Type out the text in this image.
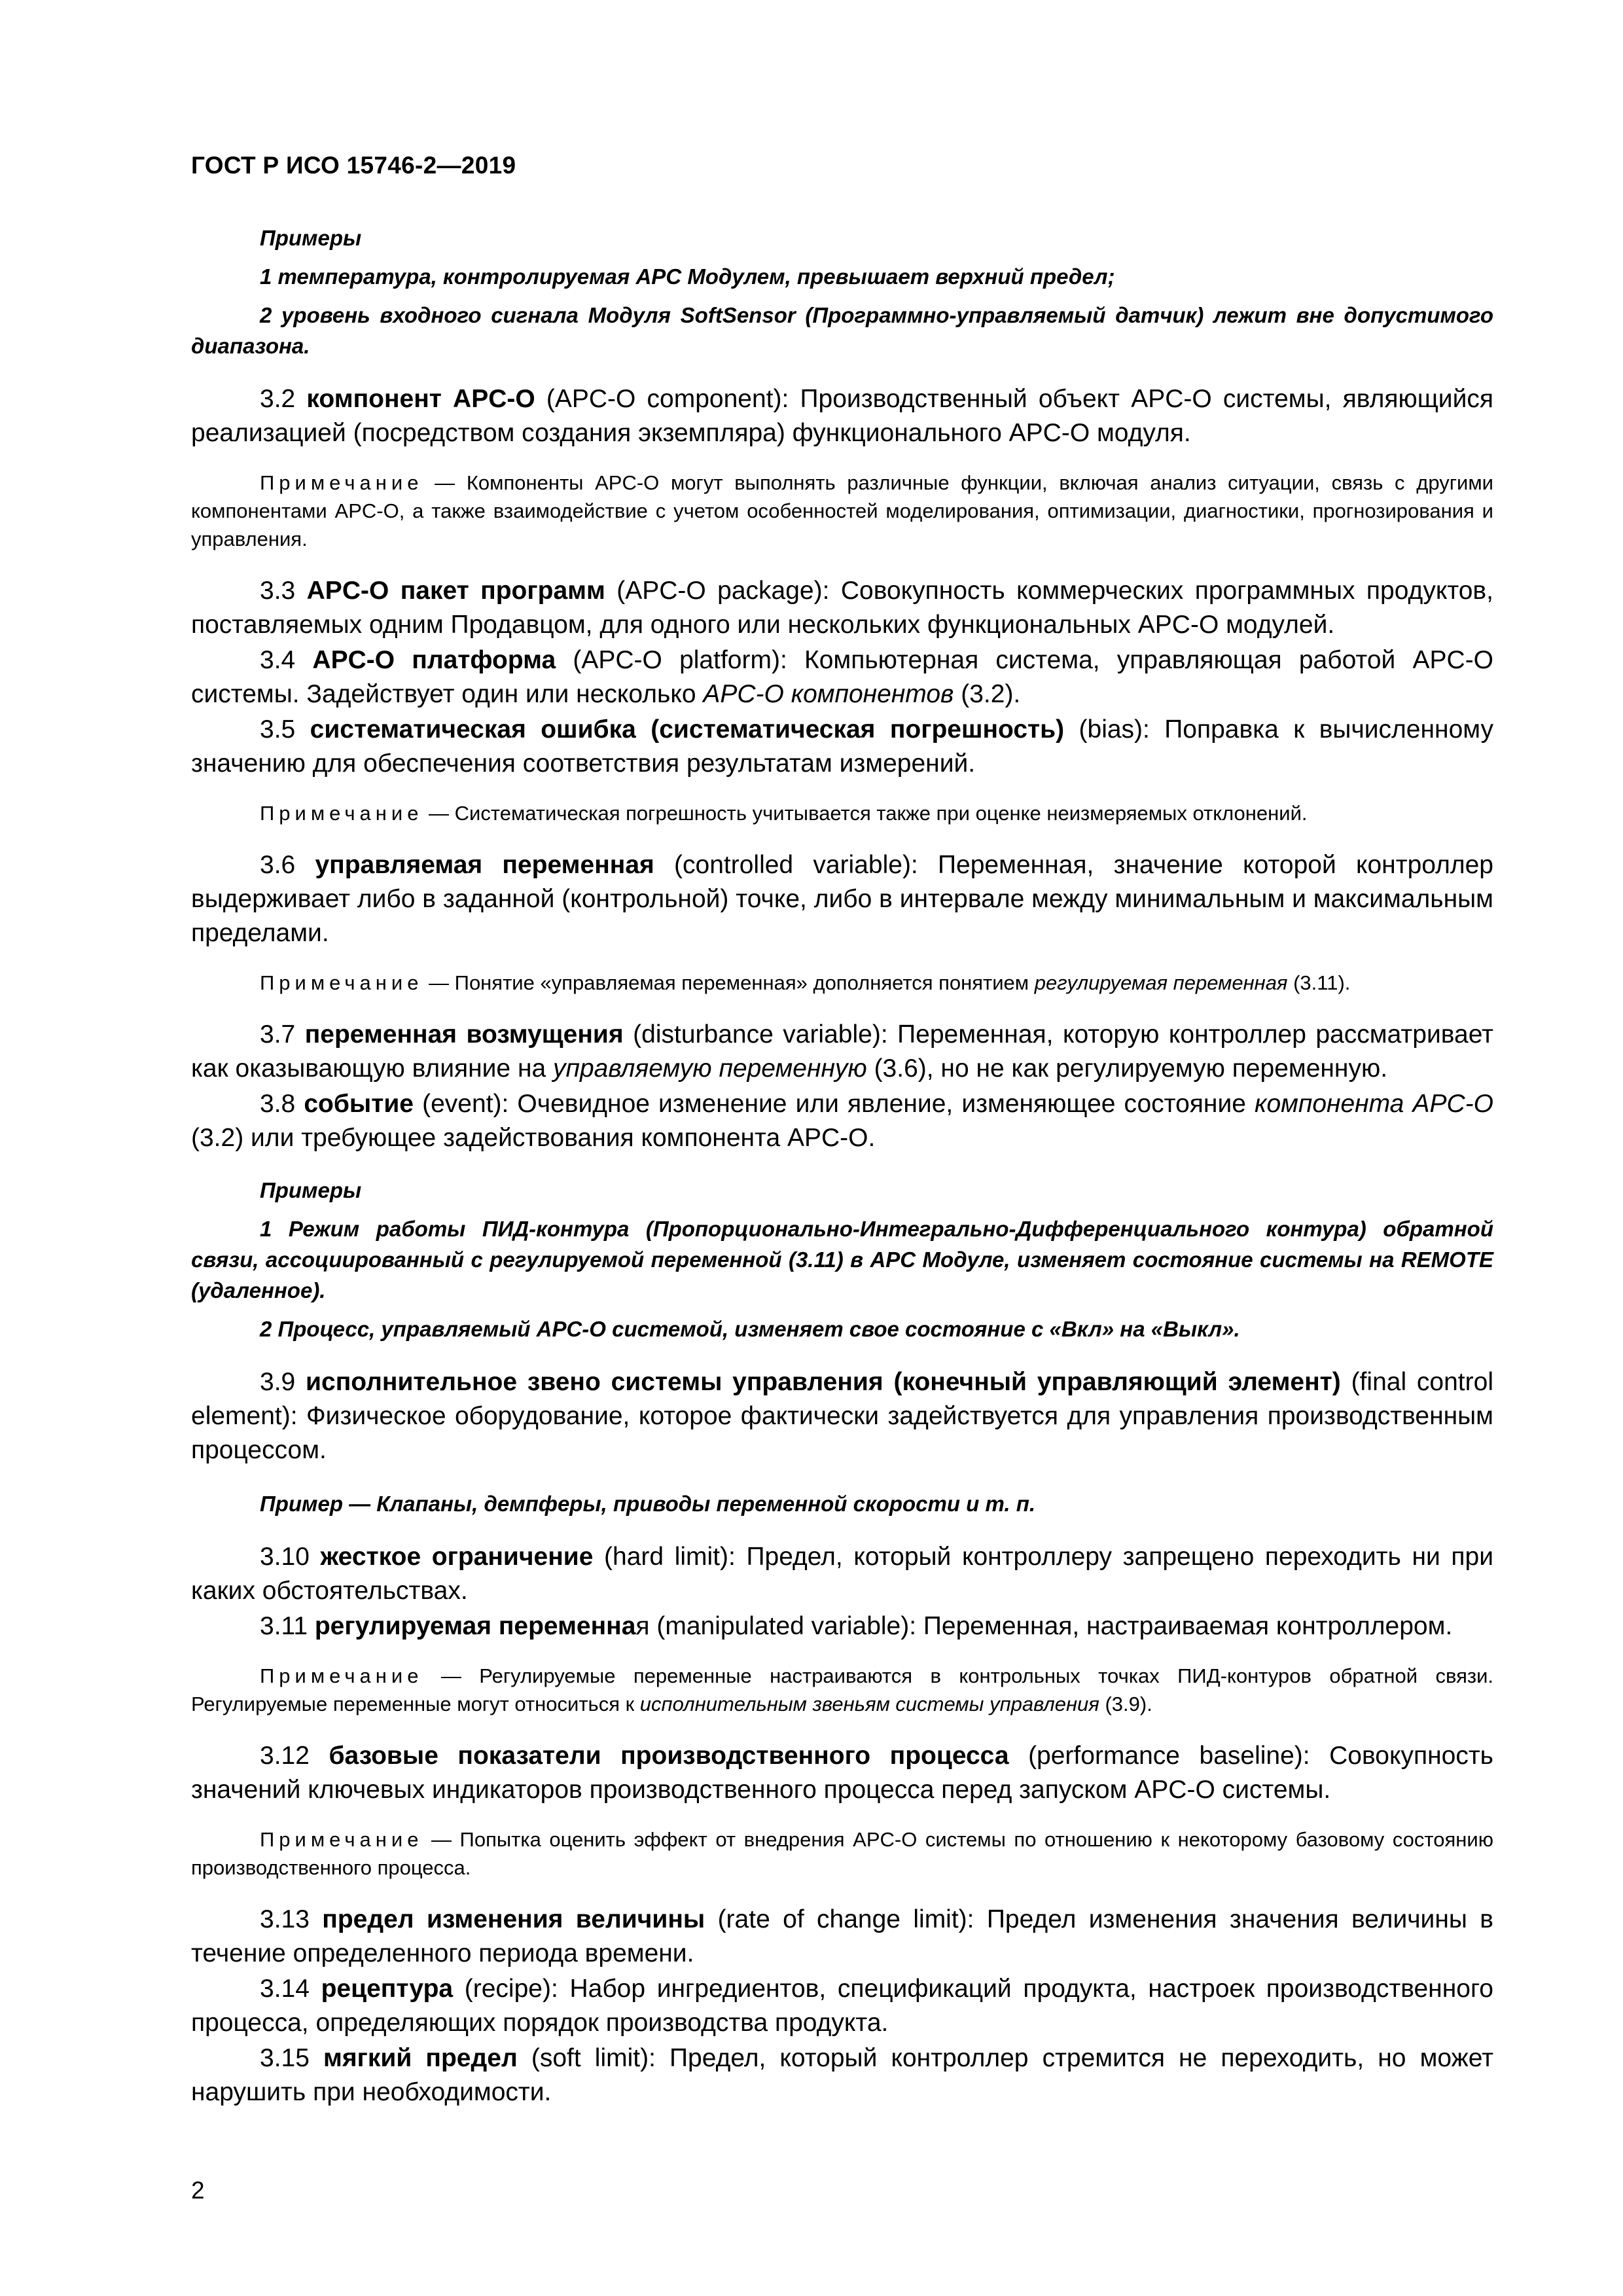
ГОСТ Р ИСО 15746-2—2019

Примеры

1 температура, контролируемая APC Модулем, превышает верхний предел;

2 уровень входного сигнала Модуля SoftSensor (Программно-управляемый датчик) лежит вне допустимого диапазона.

3.2 компонент APC-O (APC-O component): Производственный объект APC-O системы, являющийся реализацией (посредством создания экземпляра) функционального APC-O модуля.

Примечание — Компоненты APC-O могут выполнять различные функции, включая анализ ситуации, связь с другими компонентами APC-O, а также взаимодействие с учетом особенностей моделирования, оптимизации, диагностики, прогнозирования и управления.

3.3 APC-O пакет программ (APC-O package): Совокупность коммерческих программных продуктов, поставляемых одним Продавцом, для одного или нескольких функциональных APC-O модулей.

3.4 APC-O платформа (APC-O platform): Компьютерная система, управляющая работой APC-O системы. Задействует один или несколько APC-O компонентов (3.2).

3.5 систематическая ошибка (систематическая погрешность) (bias): Поправка к вычисленному значению для обеспечения соответствия результатам измерений.

Примечание — Систематическая погрешность учитывается также при оценке неизмеряемых отклонений.

3.6 управляемая переменная (controlled variable): Переменная, значение которой контроллер выдерживает либо в заданной (контрольной) точке, либо в интервале между минимальным и максимальным пределами.

Примечание — Понятие «управляемая переменная» дополняется понятием регулируемая переменная (3.11).

3.7 переменная возмущения (disturbance variable): Переменная, которую контроллер рассматривает как оказывающую влияние на управляемую переменную (3.6), но не как регулируемую переменную.

3.8 событие (event): Очевидное изменение или явление, изменяющее состояние компонента APC-O (3.2) или требующее задействования компонента APC-O.

Примеры

1 Режим работы ПИД-контура (Пропорционально-Интегрально-Дифференциального контура) обратной связи, ассоциированный с регулируемой переменной (3.11) в APC Модуле, изменяет состояние системы на REMOTE (удаленное).

2 Процесс, управляемый APC-O системой, изменяет свое состояние с «Вкл» на «Выкл».

3.9 исполнительное звено системы управления (конечный управляющий элемент) (final control element): Физическое оборудование, которое фактически задействуется для управления производственным процессом.

Пример — Клапаны, демпферы, приводы переменной скорости и т. п.

3.10 жесткое ограничение (hard limit): Предел, который контроллеру запрещено переходить ни при каких обстоятельствах.

3.11 регулируемая переменная (manipulated variable): Переменная, настраиваемая контроллером.

Примечание — Регулируемые переменные настраиваются в контрольных точках ПИД-контуров обратной связи. Регулируемые переменные могут относиться к исполнительным звеньям системы управления (3.9).

3.12 базовые показатели производственного процесса (performance baseline): Совокупность значений ключевых индикаторов производственного процесса перед запуском APC-O системы.

Примечание — Попытка оценить эффект от внедрения APC-O системы по отношению к некоторому базовому состоянию производственного процесса.

3.13 предел изменения величины (rate of change limit): Предел изменения значения величины в течение определенного периода времени.

3.14 рецептура (recipe): Набор ингредиентов, спецификаций продукта, настроек производственного процесса, определяющих порядок производства продукта.

3.15 мягкий предел (soft limit): Предел, который контроллер стремится не переходить, но может нарушить при необходимости.

2
